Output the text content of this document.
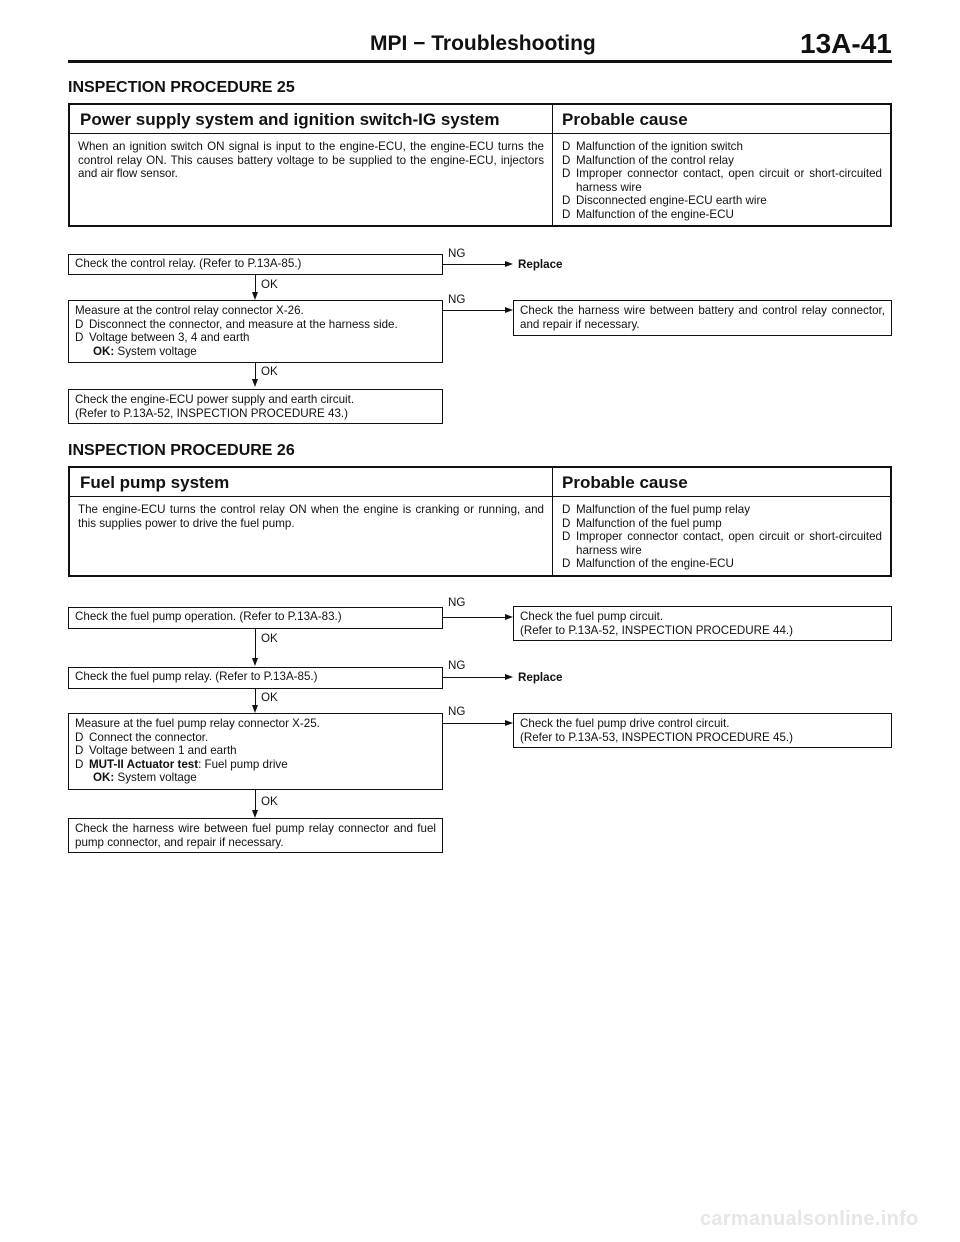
MPI − Troubleshooting	13A-41
INSPECTION PROCEDURE 25
Power supply system and ignition switch-IG system	Probable cause
When an ignition switch ON signal is input to the engine-ECU, the engine-ECU turns the control relay ON. This causes battery voltage to be supplied to the engine-ECU, injectors and air flow sensor.
D Malfunction of the ignition switch
D Malfunction of the control relay
D Improper connector contact, open circuit or short-circuited harness wire
D Disconnected engine-ECU earth wire
D Malfunction of the engine-ECU
Check the control relay. (Refer to P.13A-85.)
NG
Replace
OK
Measure at the control relay connector X-26.
D Disconnect the connector, and measure at the harness side.
D Voltage between 3, 4 and earth
OK: System voltage
NG
Check the harness wire between battery and control relay connector, and repair if necessary.
OK
Check the engine-ECU power supply and earth circuit.
(Refer to P.13A-52, INSPECTION PROCEDURE 43.)
INSPECTION PROCEDURE 26
Fuel pump system	Probable cause
The engine-ECU turns the control relay ON when the engine is cranking or running, and this supplies power to drive the fuel pump.
D Malfunction of the fuel pump relay
D Malfunction of the fuel pump
D Improper connector contact, open circuit or short-circuited harness wire
D Malfunction of the engine-ECU
Check the fuel pump operation. (Refer to P.13A-83.)
NG
Check the fuel pump circuit.
(Refer to P.13A-52, INSPECTION PROCEDURE 44.)
OK
Check the fuel pump relay. (Refer to P.13A-85.)
NG
Replace
OK
Measure at the fuel pump relay connector X-25.
D Connect the connector.
D Voltage between 1 and earth
D MUT-II Actuator test: Fuel pump drive
OK: System voltage
NG
Check the fuel pump drive control circuit.
(Refer to P.13A-53, INSPECTION PROCEDURE 45.)
OK
Check the harness wire between fuel pump relay connector and fuel pump connector, and repair if necessary.
carmanualsonline.info
